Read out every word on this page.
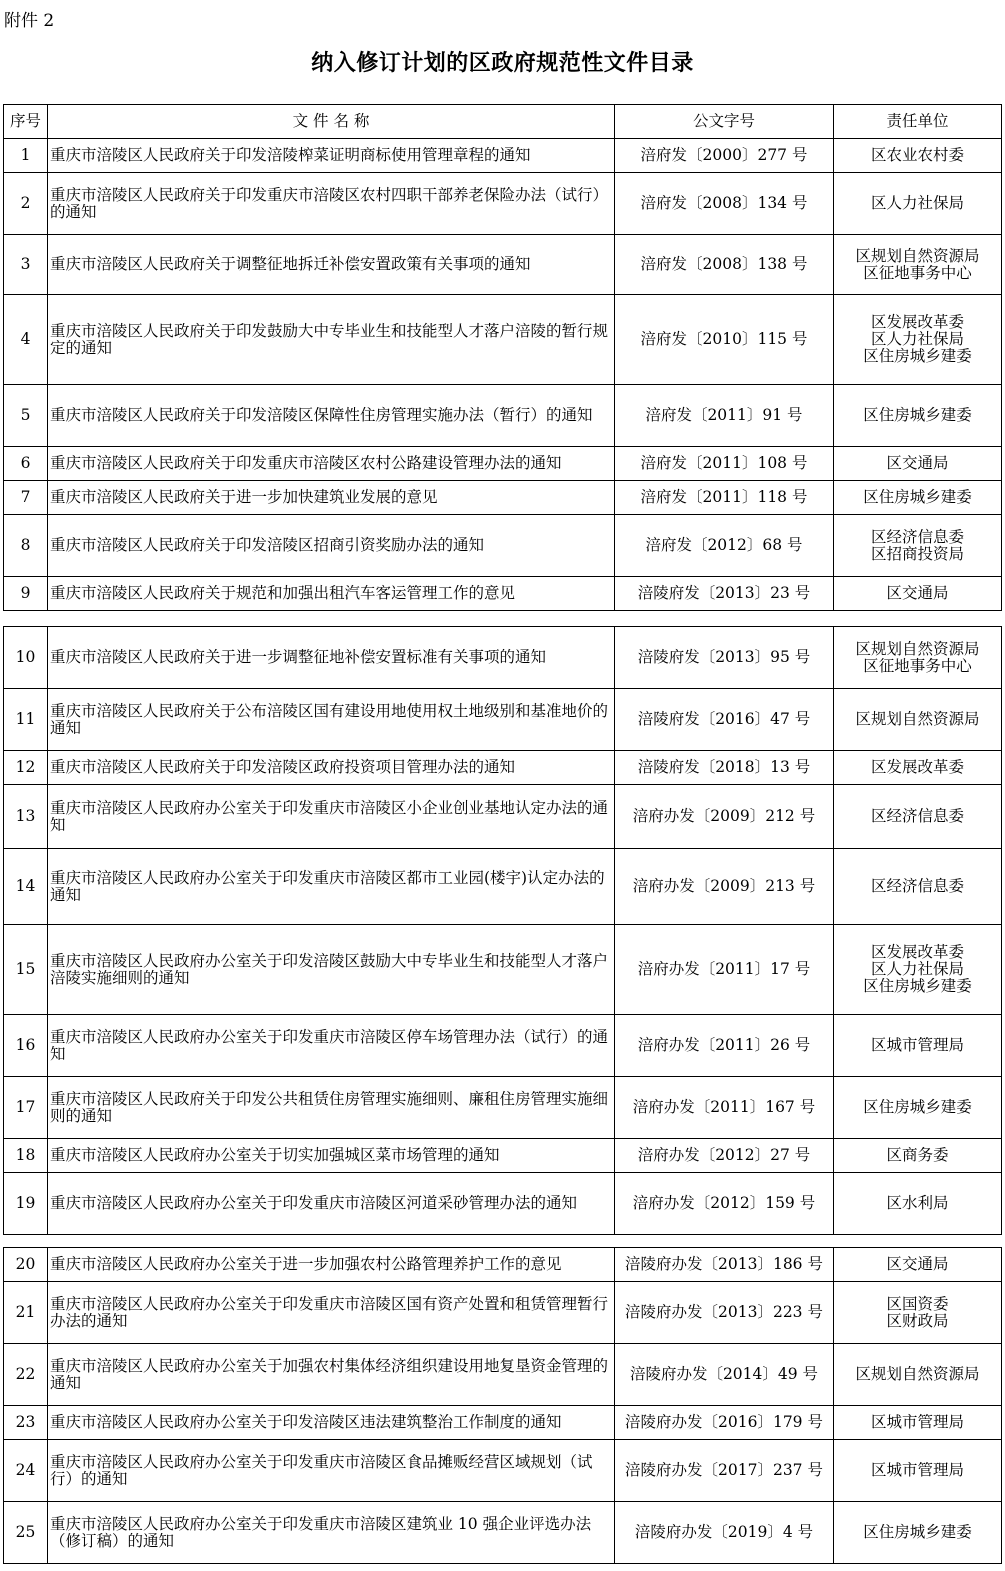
附件 2
纳入修订计划的区政府规范性文件目录
序号	文 件 名 称	公文字号	责任单位
1	重庆市涪陵区人民政府关于印发涪陵榨菜证明商标使用管理章程的通知	涪府发〔2000〕277 号	区农业农村委

2	重庆市涪陵区人民政府关于印发重庆市涪陵区农村四职干部养老保险办法（试行）的通知	涪府发〔2008〕134 号	区人力社保局

3	重庆市涪陵区人民政府关于调整征地拆迁补偿安置政策有关事项的通知	涪府发〔2008〕138 号	区规划自然资源局
区征地事务中心

4	重庆市涪陵区人民政府关于印发鼓励大中专毕业生和技能型人才落户涪陵的暂行规定的通知	涪府发〔2010〕115 号	区发展改革委
区人力社保局
区住房城乡建委

5	重庆市涪陵区人民政府关于印发涪陵区保障性住房管理实施办法（暂行）的通知	涪府发〔2011〕91 号	区住房城乡建委

6	重庆市涪陵区人民政府关于印发重庆市涪陵区农村公路建设管理办法的通知	涪府发〔2011〕108 号	区交通局

7	重庆市涪陵区人民政府关于进一步加快建筑业发展的意见	涪府发〔2011〕118 号	区住房城乡建委

8	重庆市涪陵区人民政府关于印发涪陵区招商引资奖励办法的通知	涪府发〔2012〕68 号	区经济信息委
区招商投资局

9	重庆市涪陵区人民政府关于规范和加强出租汽车客运管理工作的意见	涪陵府发〔2013〕23 号	区交通局
10	重庆市涪陵区人民政府关于进一步调整征地补偿安置标准有关事项的通知	涪陵府发〔2013〕95 号	区规划自然资源局
区征地事务中心

11	重庆市涪陵区人民政府关于公布涪陵区国有建设用地使用权土地级别和基准地价的通知	涪陵府发〔2016〕47 号	区规划自然资源局

12	重庆市涪陵区人民政府关于印发涪陵区政府投资项目管理办法的通知	涪陵府发〔2018〕13 号	区发展改革委

13	重庆市涪陵区人民政府办公室关于印发重庆市涪陵区小企业创业基地认定办法的通知	涪府办发〔2009〕212 号	区经济信息委

14	重庆市涪陵区人民政府办公室关于印发重庆市涪陵区都市工业园(楼宇)认定办法的通知	涪府办发〔2009〕213 号	区经济信息委

15	重庆市涪陵区人民政府办公室关于印发涪陵区鼓励大中专毕业生和技能型人才落户涪陵实施细则的通知	涪府办发〔2011〕17 号	区发展改革委
区人力社保局
区住房城乡建委

16	重庆市涪陵区人民政府办公室关于印发重庆市涪陵区停车场管理办法（试行）的通知	涪府办发〔2011〕26 号	区城市管理局

17	重庆市涪陵区人民政府关于印发公共租赁住房管理实施细则、廉租住房管理实施细则的通知	涪府办发〔2011〕167 号	区住房城乡建委

18	重庆市涪陵区人民政府办公室关于切实加强城区菜市场管理的通知	涪府办发〔2012〕27 号	区商务委

19	重庆市涪陵区人民政府办公室关于印发重庆市涪陵区河道采砂管理办法的通知	涪府办发〔2012〕159 号	区水利局
20	重庆市涪陵区人民政府办公室关于进一步加强农村公路管理养护工作的意见	涪陵府办发〔2013〕186 号	区交通局

21	重庆市涪陵区人民政府办公室关于印发重庆市涪陵区国有资产处置和租赁管理暂行办法的通知	涪陵府办发〔2013〕223 号	区国资委
区财政局

22	重庆市涪陵区人民政府办公室关于加强农村集体经济组织建设用地复垦资金管理的通知	涪陵府办发〔2014〕49 号	区规划自然资源局

23	重庆市涪陵区人民政府办公室关于印发涪陵区违法建筑整治工作制度的通知	涪陵府办发〔2016〕179 号	区城市管理局

24	重庆市涪陵区人民政府办公室关于印发重庆市涪陵区食品摊贩经营区域规划（试行）的通知	涪陵府办发〔2017〕237 号	区城市管理局

25	重庆市涪陵区人民政府办公室关于印发重庆市涪陵区建筑业 10 强企业评选办法（修订稿）的通知	涪陵府办发〔2019〕4 号	区住房城乡建委
